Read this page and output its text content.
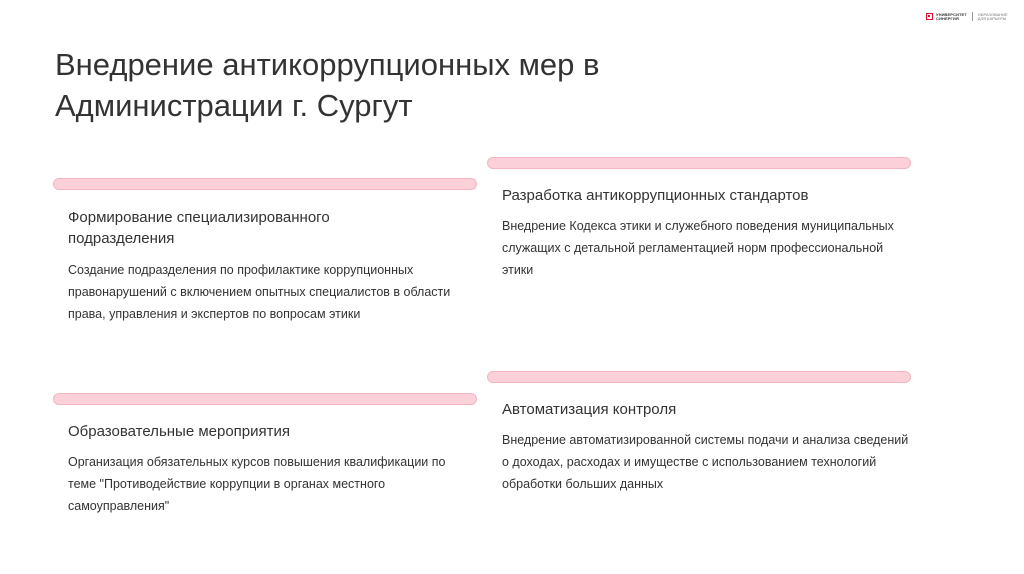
УНИВЕРСИТЕТ
СИНЕРГИЯ
ОБРАЗОВАНИЕ
ДЛЯ КАРЬЕРЫ
Внедрение антикоррупционных мер в Администрации г. Сургут

Формирование специализированного подразделения

Создание подразделения по профилактике коррупционных правонарушений с включением опытных специалистов в области права, управления и экспертов по вопросам этики

Разработка антикоррупционных стандартов

Внедрение Кодекса этики и служебного поведения муниципальных служащих с детальной регламентацией норм профессиональной этики

Образовательные мероприятия

Организация обязательных курсов повышения квалификации по теме "Противодействие коррупции в органах местного самоуправления"

Автоматизация контроля

Внедрение автоматизированной системы подачи и анализа сведений о доходах, расходах и имуществе с использованием технологий обработки больших данных
